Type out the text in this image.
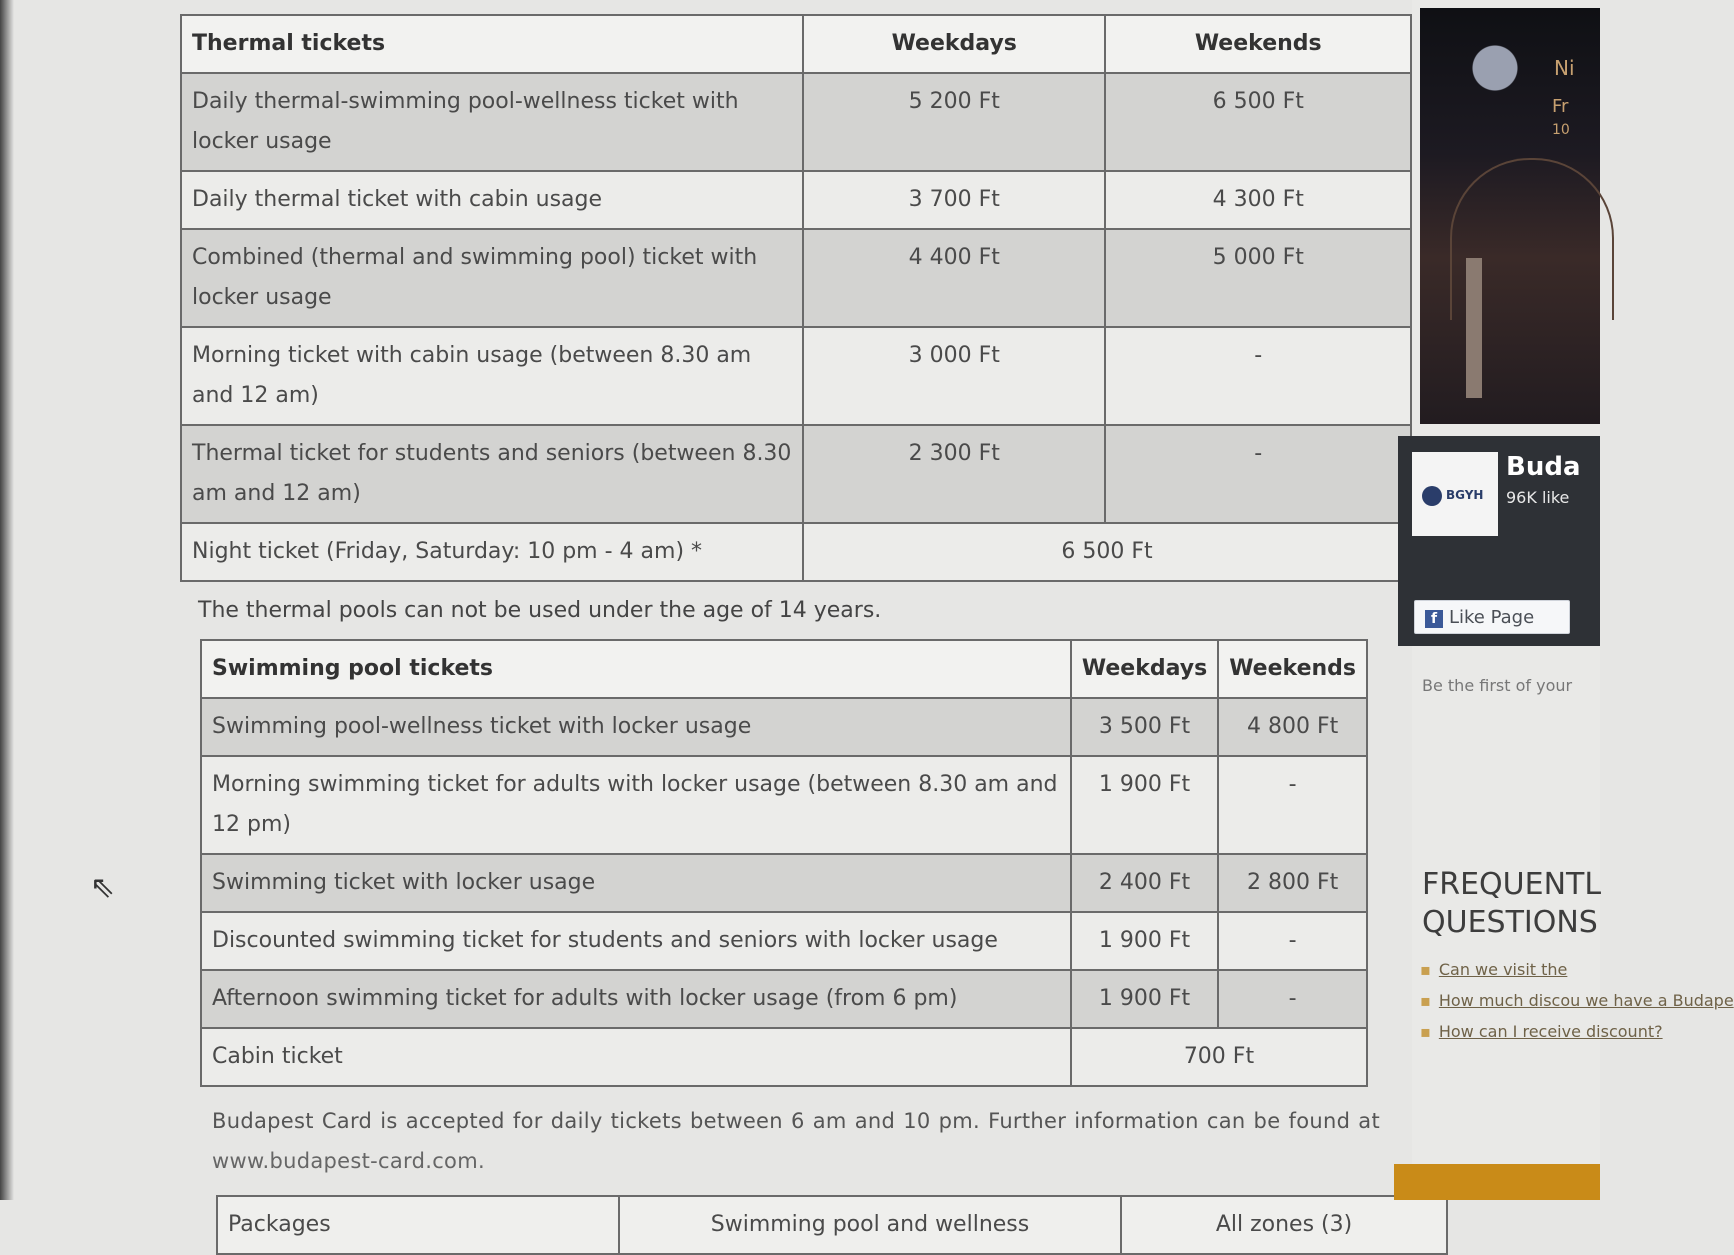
⇖
Thermal tickets	Weekdays	Weekends
Daily thermal-swimming pool-wellness ticket with locker usage	5 200 Ft	6 500 Ft
Daily thermal ticket with cabin usage	3 700 Ft	4 300 Ft
Combined (thermal and swimming pool) ticket with locker usage	4 400 Ft	5 000 Ft
Morning ticket with cabin usage (between 8.30 am and 12 am)	3 000 Ft	-
Thermal ticket for students and seniors (between 8.30 am and 12 am)	2 300 Ft	-
Night ticket (Friday, Saturday: 10 pm - 4 am) *	6 500 Ft	
The thermal pools can not be used under the age of 14 years.
Swimming pool tickets	Weekdays	Weekends
Swimming pool-wellness ticket with locker usage	3 500 Ft	4 800 Ft
Morning swimming ticket for adults with locker usage (between 8.30 am and 12 pm)	1 900 Ft	-
Swimming ticket with locker usage	2 400 Ft	2 800 Ft
Discounted swimming ticket for students and seniors with locker usage	1 900 Ft	-
Afternoon swimming ticket for adults with locker usage (from 6 pm)	1 900 Ft	-
Cabin ticket	700 Ft	
Budapest Card is accepted for daily tickets between 6 am and 10 pm. Further information can be found at www.budapest-card.com.
Packages	Swimming pool and wellness	All zones (3)
Ni
Fr
10
BGYH
Buda
96K like
f Like Page
Be the first of your
FREQUENTL
QUESTIONS
▪ Can we visit the
▪ How much discou we have a Budape
▪ How can I receive discount?
